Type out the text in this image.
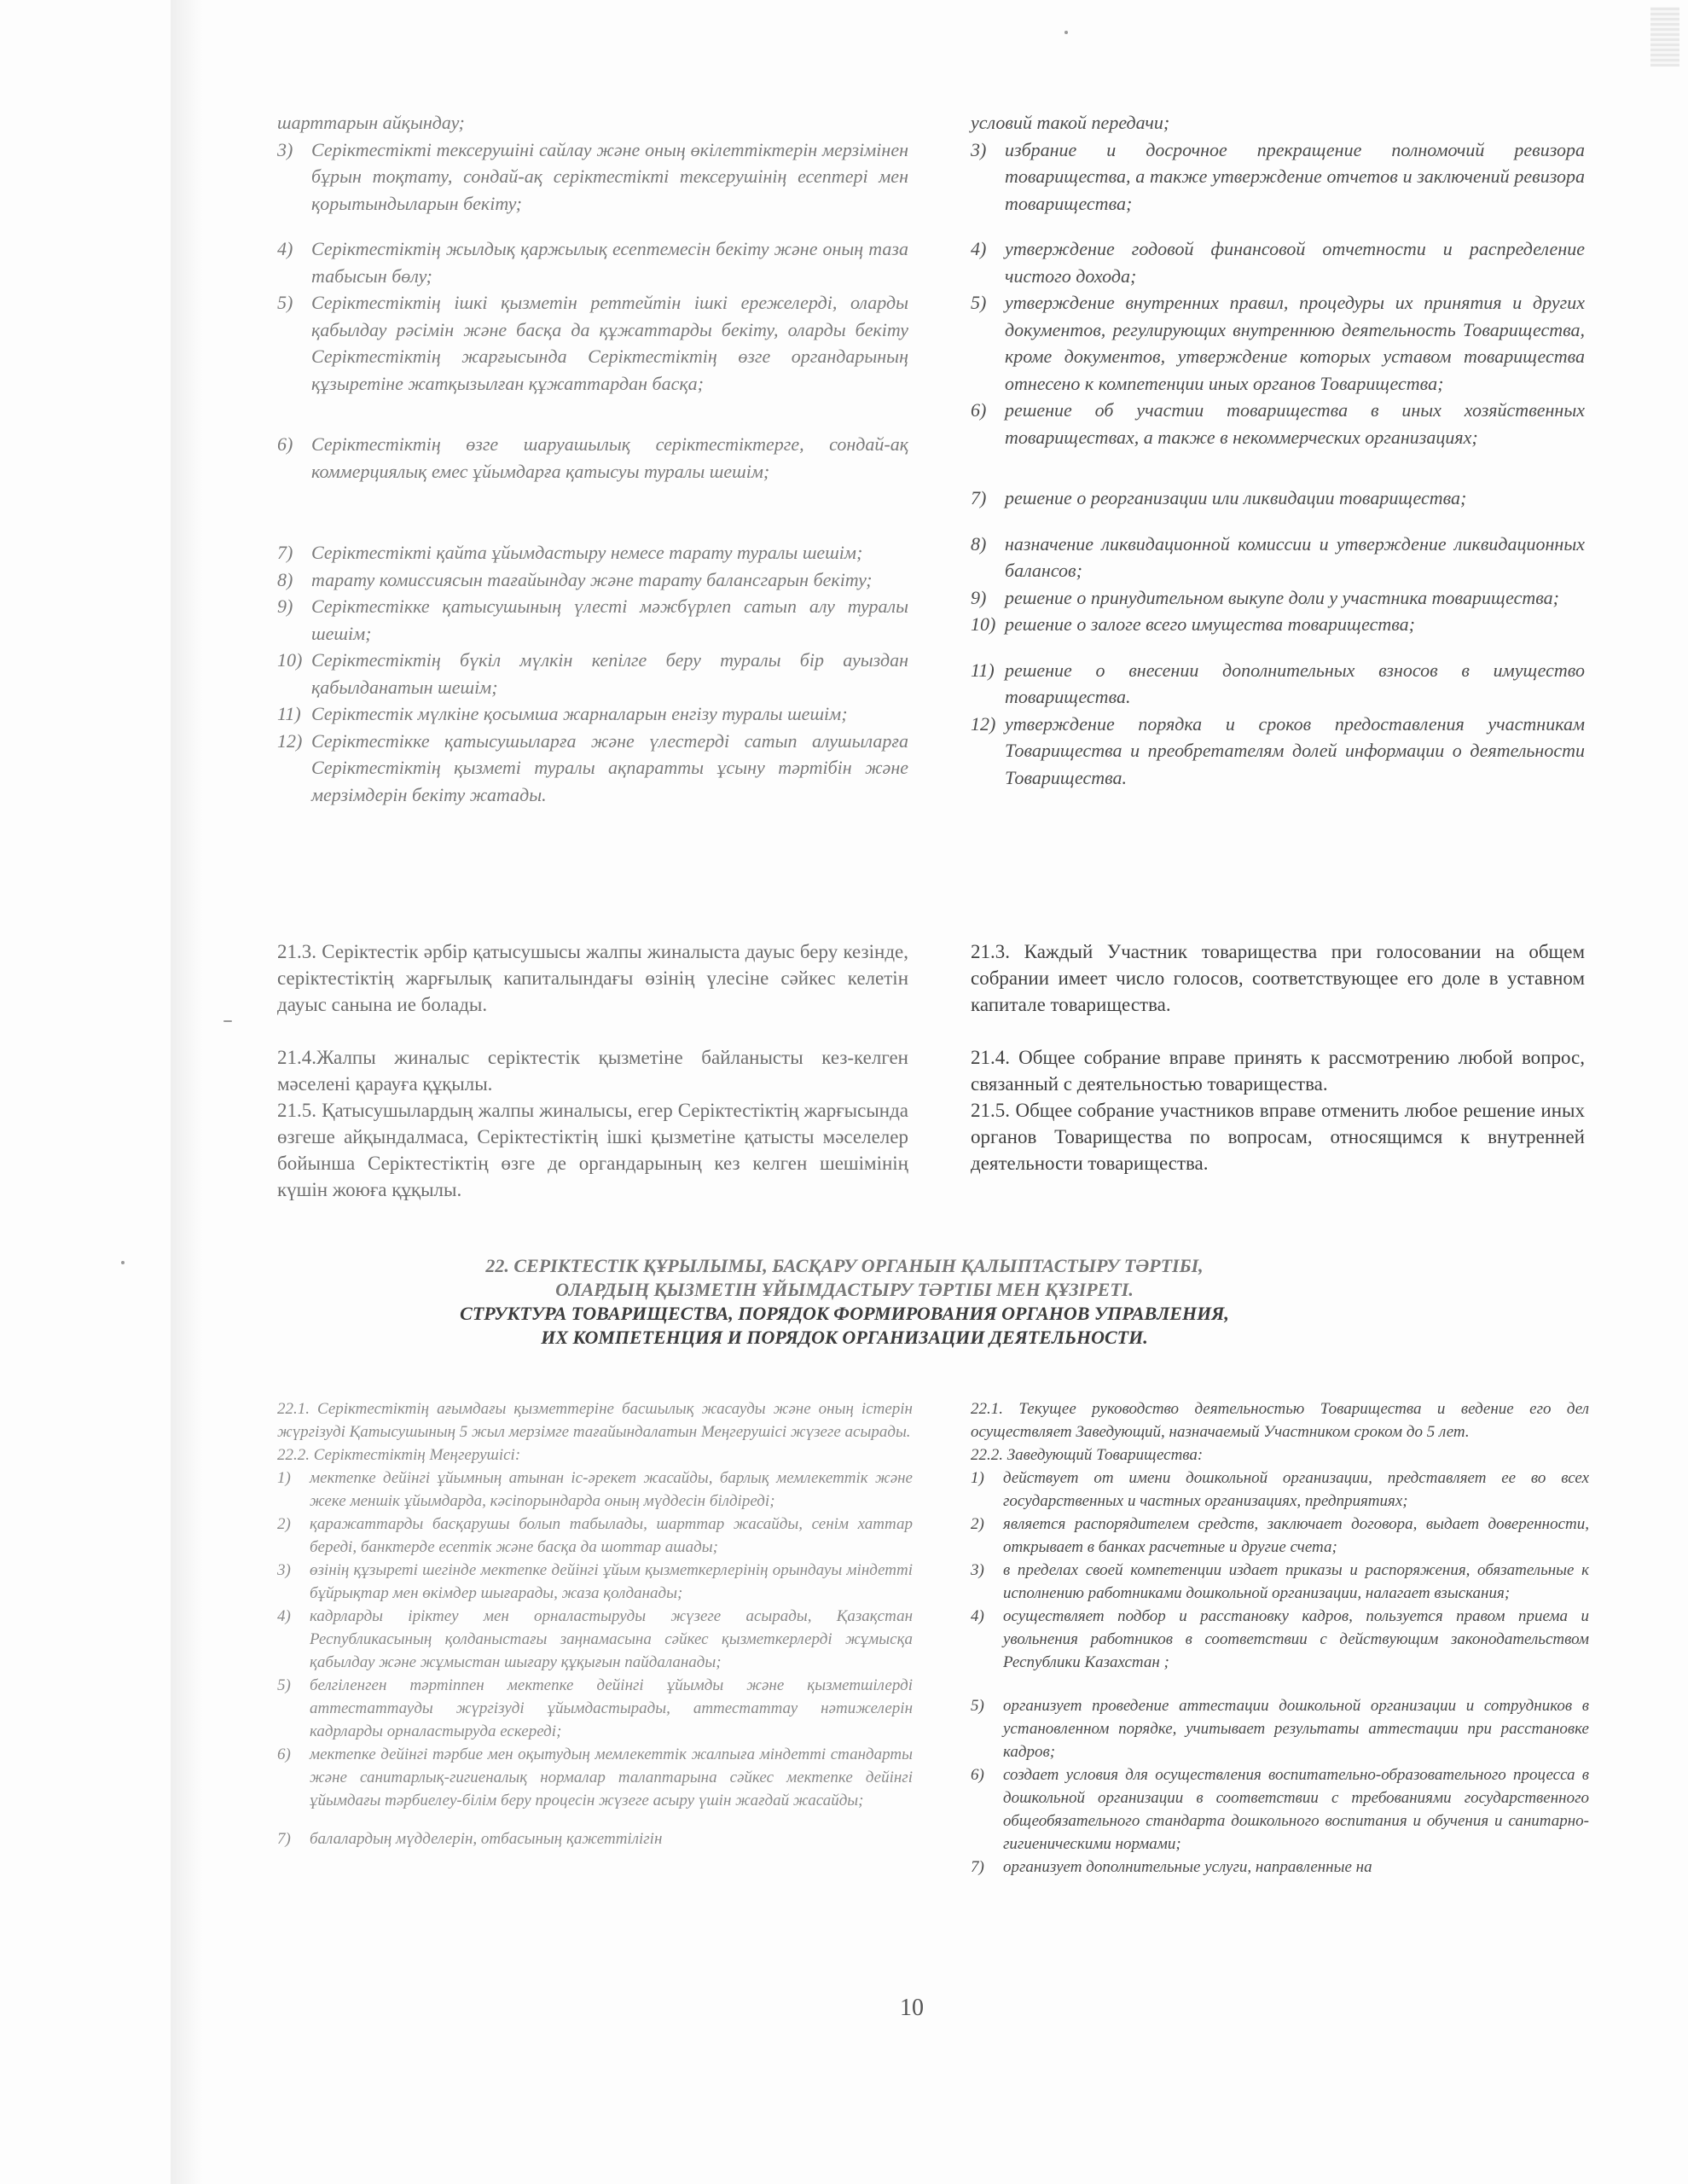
шарттарын айқындау;
3) Серіктестікті тексерушіні сайлау және оның өкілеттіктерін мерзімінен бұрын тоқтату, сондай-ақ серіктестікті тексерушінің есептері мен қорытындыларын бекіту;
4) Серіктестіктің жылдық қаржылық есептемесін бекіту және оның таза табысын бөлу;
5) Серіктестіктің ішкі қызметін реттейтін ішкі ережелерді, оларды қабылдау рәсімін және басқа да құжаттарды бекіту, оларды бекіту Серіктестіктің жарғысында Серіктестіктің өзге органдарының құзыретіне жатқызылған құжаттардан басқа;
6) Серіктестіктің өзге шаруашылық серіктестіктерге, сондай-ақ коммерциялық емес ұйымдарға қатысуы туралы шешім;
7) Серіктестікті қайта ұйымдастыру немесе тарату туралы шешім;
8) тарату комиссиясын тағайындау және тарату балансгарын бекіту;
9) Серіктестікке қатысушының үлесті мәжбүрлеп сатып алу туралы шешім;
10) Серіктестіктің бүкіл мүлкін кепілге беру туралы бір ауыздан қабылданатын шешім;
11) Серіктестік мүлкіне қосымша жарналарын енгізу туралы шешім;
12) Серіктестікке қатысушыларға және үлестерді сатып алушыларға Серіктестіктің қызметі туралы ақпаратты ұсыну тәртібін және мерзімдерін бекіту жатады.
условий такой передачи;
3) избрание и досрочное прекращение полномочий ревизора товарищества, а также утверждение отчетов и заключений ревизора товарищества;
4) утверждение годовой финансовой отчетности и распределение чистого дохода;
5) утверждение внутренних правил, процедуры их принятия и других документов, регулирующих внутреннюю деятельность Товарищества, кроме документов, утверждение которых уставом товарищества отнесено к компетенции иных органов Товарищества;
6) решение об участии товарищества в иных хозяйственных товариществах, а также в некоммерческих организациях;
7) решение о реорганизации или ликвидации товарищества;
8) назначение ликвидационной комиссии и утверждение ликвидационных балансов;
9) решение о принудительном выкупе доли у участника товарищества;
10) решение о залоге всего имущества товарищества;
11) решение о внесении дополнительных взносов в имущество товарищества.
12) утверждение порядка и сроков предоставления участникам Товарищества и преобретателям долей информации о деятельности Товарищества.

21.3. Серіктестік әрбір қатысушысы жалпы жиналыста дауыс беру кезінде, серіктестіктің жарғылық капиталындағы өзінің үлесіне сәйкес келетін дауыс санына ие болады.

21.4.Жалпы жиналыс серіктестік қызметіне байланысты кез-келген мәселені қарауға құқылы.

21.5. Қатысушылардың жалпы жиналысы, егер Серіктестіктің жарғысында өзгеше айқындалмаса, Серіктестіктің ішкі қызметіне қатысты мәселелер бойынша Серіктестіктің өзге де органдарының кез келген шешімінің күшін жоюға құқылы.

21.3. Каждый Участник товарищества при голосовании на общем собрании имеет число голосов, соответствующее его доле в уставном капитале товарищества.

21.4. Общее собрание вправе принять к рассмотрению любой вопрос, связанный с деятельностью товарищества.

21.5. Общее собрание участников вправе отменить любое решение иных органов Товарищества по вопросам, относящимся к внутренней деятельности товарищества.

22. СЕРІКТЕСТІК ҚҰРЫЛЫМЫ, БАСҚАРУ ОРГАНЫН ҚАЛЫПТАСТЫРУ ТӘРТІБІ,
ОЛАРДЫҢ ҚЫЗМЕТІН ҰЙЫМДАСТЫРУ ТӘРТІБІ МЕН ҚҰЗІРЕТІ.
СТРУКТУРА ТОВАРИЩЕСТВА, ПОРЯДОК ФОРМИРОВАНИЯ ОРГАНОВ УПРАВЛЕНИЯ,
ИХ КОМПЕТЕНЦИЯ И ПОРЯДОК ОРГАНИЗАЦИИ ДЕЯТЕЛЬНОСТИ.
22.1. Серіктестіктің ағымдағы қызметтеріне басшылық жасауды және оның істерін жүргізуді Қатысушының 5 жыл мерзімге тағайындалатын Меңгерушісі жүзеге асырады.
22.2. Серіктестіктің Меңгерушісі:
1) мектепке дейінгі ұйымның атынан іс-әрекет жасайды, барлық мемлекеттік және жеке меншік ұйымдарда, кәсіпорындарда оның мүддесін білдіреді;
2) қаражаттарды басқарушы болып табылады, шарттар жасайды, сенім хаттар береді, банктерде есептік және басқа да шоттар ашады;
3) өзінің құзыреті шегінде мектепке дейінгі ұйым қызметкерлерінің орындауы міндетті бұйрықтар мен өкімдер шығарады, жаза қолданады;
4) кадрларды іріктеу мен орналастыруды жүзеге асырады, Қазақстан Республикасының қолданыстағы заңнамасына сәйкес қызметкерлерді жұмысқа қабылдау және жұмыстан шығару құқығын пайдаланады;
5) белгіленген тәртіппен мектепке дейінгі ұйымды және қызметшілерді аттестаттауды жүргізуді ұйымдастырады, аттестаттау нәтижелерін кадрларды орналастыруда ескереді;
6) мектепке дейінгі тәрбие мен оқытудың мемлекеттік жалпыға міндетті стандарты және санитарлық-гигиеналық нормалар талаптарына сәйкес мектепке дейінгі ұйымдағы тәрбиелеу-білім беру процесін жүзеге асыру үшін жағдай жасайды;
7) балалардың мүдделерін, отбасының қажеттілігін
22.1. Текущее руководство деятельностью Товарищества и ведение его дел осуществляет Заведующий, назначаемый Участником сроком до 5 лет.
22.2. Заведующий Товарищества:
1) действует от имени дошкольной организации, представляет ее во всех государственных и частных организациях, предприятиях;
2) является распорядителем средств, заключает договора, выдает доверенности, открывает в банках расчетные и другие счета;
3) в пределах своей компетенции издает приказы и распоряжения, обязательные к исполнению работниками дошкольной организации, налагает взыскания;
4) осуществляет подбор и расстановку кадров, пользуется правом приема и увольнения работников в соответствии с действующим законодательством Республики Казахстан ;
5) организует проведение аттестации дошкольной организации и сотрудников в установленном порядке, учитывает результаты аттестации при расстановке кадров;
6) создает условия для осуществления воспитательно-образовательного процесса в дошкольной организации в соответствии с требованиями государственного общеобязательного стандарта дошкольного воспитания и обучения и санитарно-гигиеническими нормами;
7) организует дополнительные услуги, направленные на
10
